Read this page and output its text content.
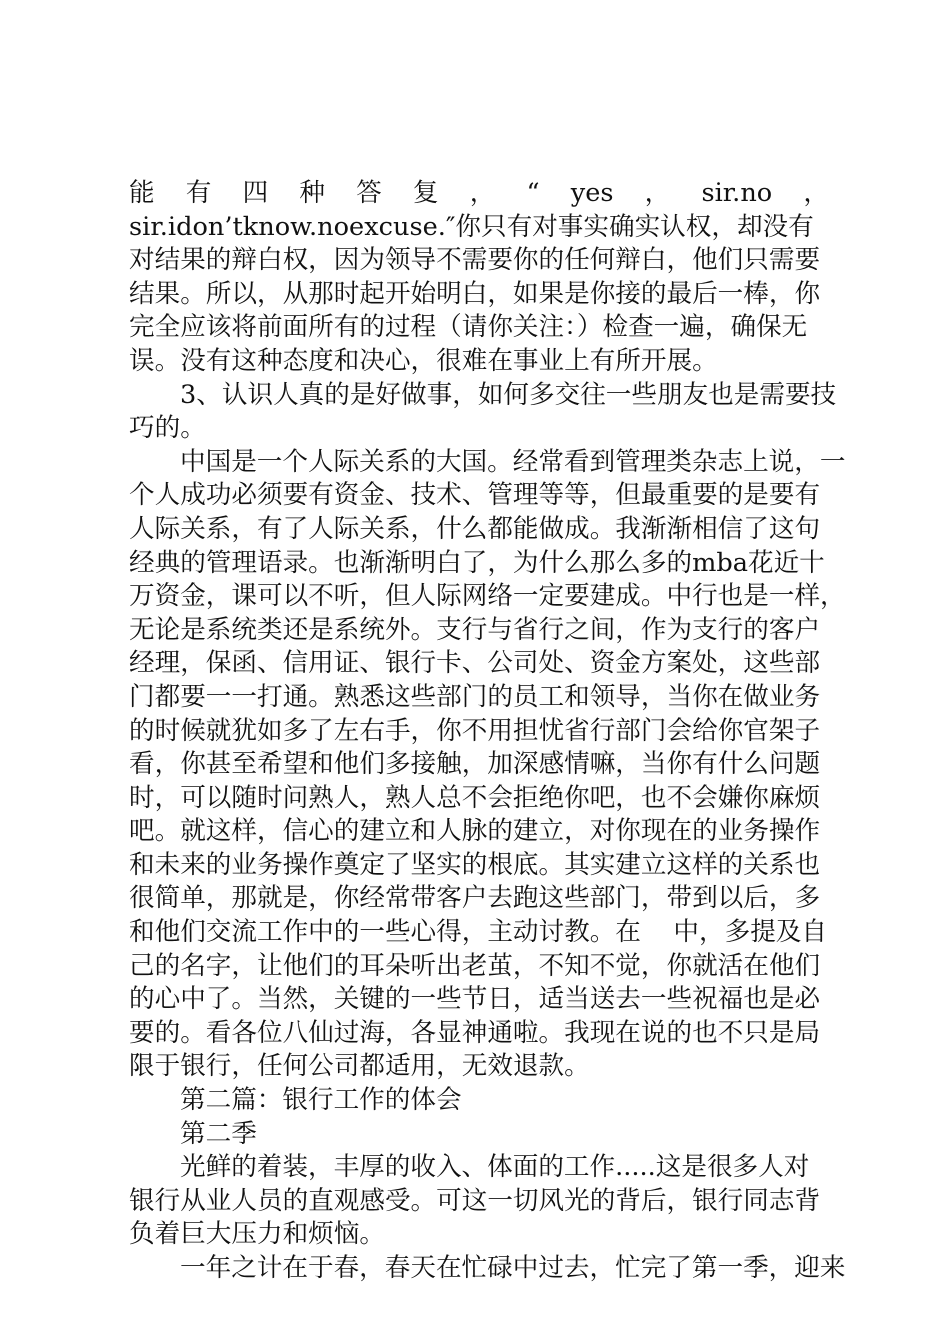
能 有 四 种 答 复 ， “ yes ， sir.no ，
sir.idon’tknow.noexcuse.″你只有对事实确实认权，却没有
对结果的辩白权，因为领导不需要你的任何辩白，他们只需要
结果。所以，从那时起开始明白，如果是你接的最后一棒，你
完全应该将前面所有的过程（请你关注：）检查一遍，确保无
误。没有这种态度和决心，很难在事业上有所开展。
3、认识人真的是好做事，如何多交往一些朋友也是需要技
巧的。
中国是一个人际关系的大国。经常看到管理类杂志上说，一
个人成功必须要有资金、技术、管理等等，但最重要的是要有
人际关系，有了人际关系，什么都能做成。我渐渐相信了这句
经典的管理语录。也渐渐明白了，为什么那么多的mba花近十
万资金，课可以不听，但人际网络一定要建成。中行也是一样，
无论是系统类还是系统外。支行与省行之间，作为支行的客户
经理，保函、信用证、银行卡、公司处、资金方案处，这些部
门都要一一打通。熟悉这些部门的员工和领导，当你在做业务
的时候就犹如多了左右手，你不用担忧省行部门会给你官架子
看，你甚至希望和他们多接触，加深感情嘛，当你有什么问题
时，可以随时问熟人，熟人总不会拒绝你吧，也不会嫌你麻烦
吧。就这样，信心的建立和人脉的建立，对你现在的业务操作
和未来的业务操作奠定了坚实的根底。其实建立这样的关系也
很简单，那就是，你经常带客户去跑这些部门，带到以后，多
和他们交流工作中的一些心得，主动讨教。在    中，多提及自
己的名字，让他们的耳朵听出老茧，不知不觉，你就活在他们
的心中了。当然，关键的一些节日，适当送去一些祝福也是必
要的。看各位八仙过海，各显神通啦。我现在说的也不只是局
限于银行，任何公司都适用，无效退款。
第二篇：银行工作的体会
第二季
光鲜的着装，丰厚的收入、体面的工作.....这是很多人对
银行从业人员的直观感受。可这一切风光的背后，银行同志背
负着巨大压力和烦恼。
一年之计在于春，春天在忙碌中过去，忙完了第一季，迎来
